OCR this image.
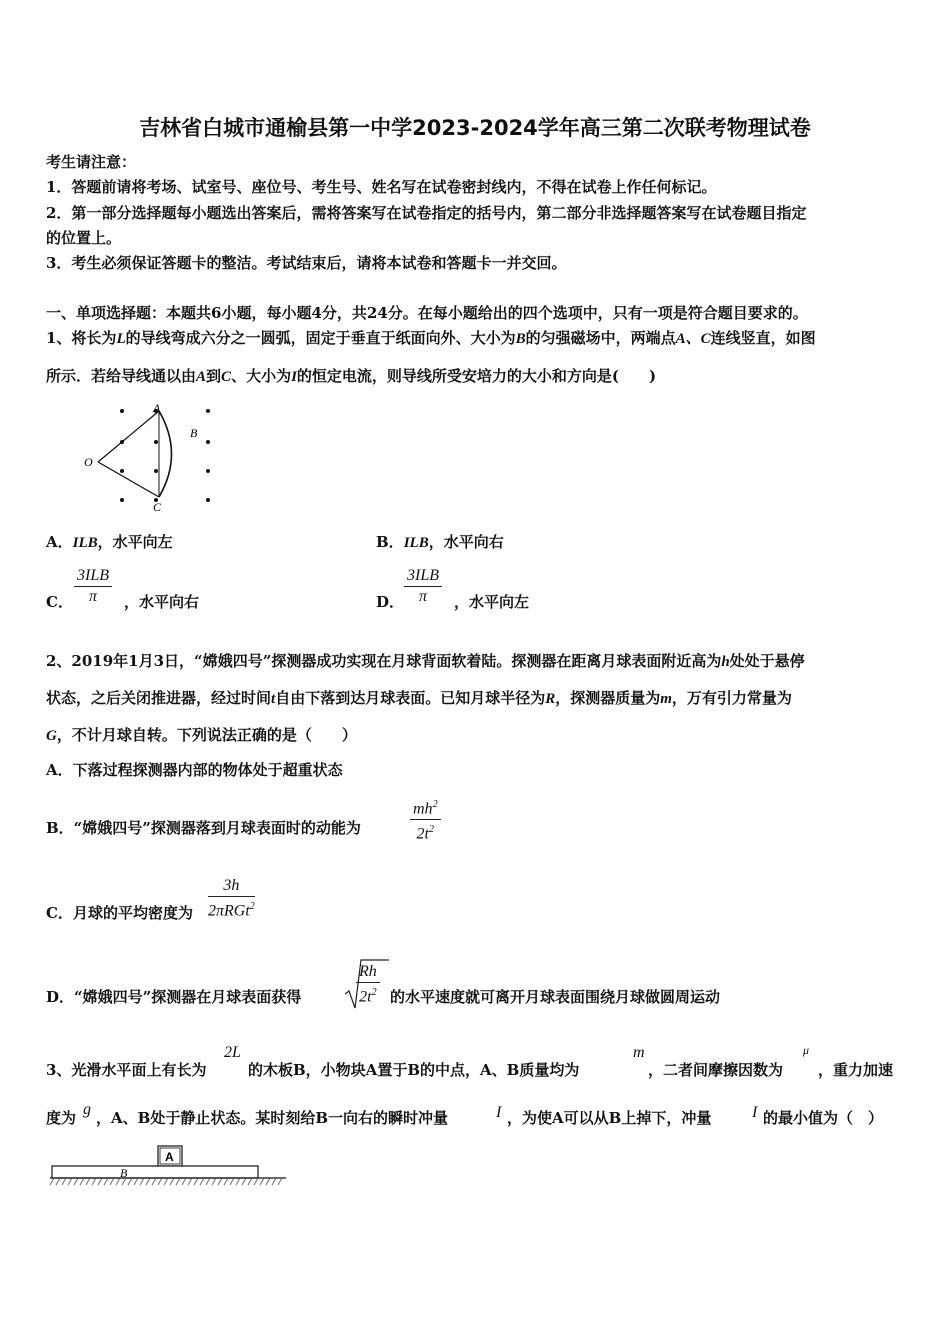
吉林省白城市通榆县第一中学2023-2024学年高三第二次联考物理试卷
考生请注意：
1．答题前请将考场、试室号、座位号、考生号、姓名写在试卷密封线内，不得在试卷上作任何标记。
2．第一部分选择题每小题选出答案后，需将答案写在试卷指定的括号内，第二部分非选择题答案写在试卷题目指定
的位置上。
3．考生必须保证答题卡的整洁。考试结束后，请将本试卷和答题卡一并交回。
一、单项选择题：本题共6小题，每小题4分，共24分。在每小题给出的四个选项中，只有一项是符合题目要求的。
1、将长为L的导线弯成六分之一圆弧，固定于垂直于纸面向外、大小为B的匀强磁场中，两端点A、C连线竖直，如图
所示．若给导线通以由A到C、大小为I的恒定电流，则导线所受安培力的大小和方向是(　　)
A
B
C
O
A．ILB，水平向左	B．ILB，水平向右
C．
3ILB
π	，水平向右	D．
3ILB
π	，水平向左
2、2019年1月3日，“嫦娥四号”探测器成功实现在月球背面软着陆。探测器在距离月球表面附近高为h处处于悬停
状态，之后关闭推进器，经过时间t自由下落到达月球表面。已知月球半径为R，探测器质量为m，万有引力常量为
G，不计月球自转。下列说法正确的是（　　）
A．下落过程探测器内部的物体处于超重状态
B．“嫦娥四号”探测器落到月球表面时的动能为
$mh^2$
$2t^2$
C．月球的平均密度为
3h
2πRGt$^2$
D．“嫦娥四号”探测器在月球表面获得
Rh
$2t^2$ 的水平速度就可离开月球表面围绕月球做圆周运动
3、光滑水平面上有长为
2L
的木板B，小物块A置于B的中点，A、B质量均为
m
，二者间摩擦因数为
μ
，重力加速
度为 g ，A、B处于静止状态。某时刻给B一向右的瞬时冲量	I ，为使A可以从B上掉下，冲量	I 的最小值为（　）
A
B
